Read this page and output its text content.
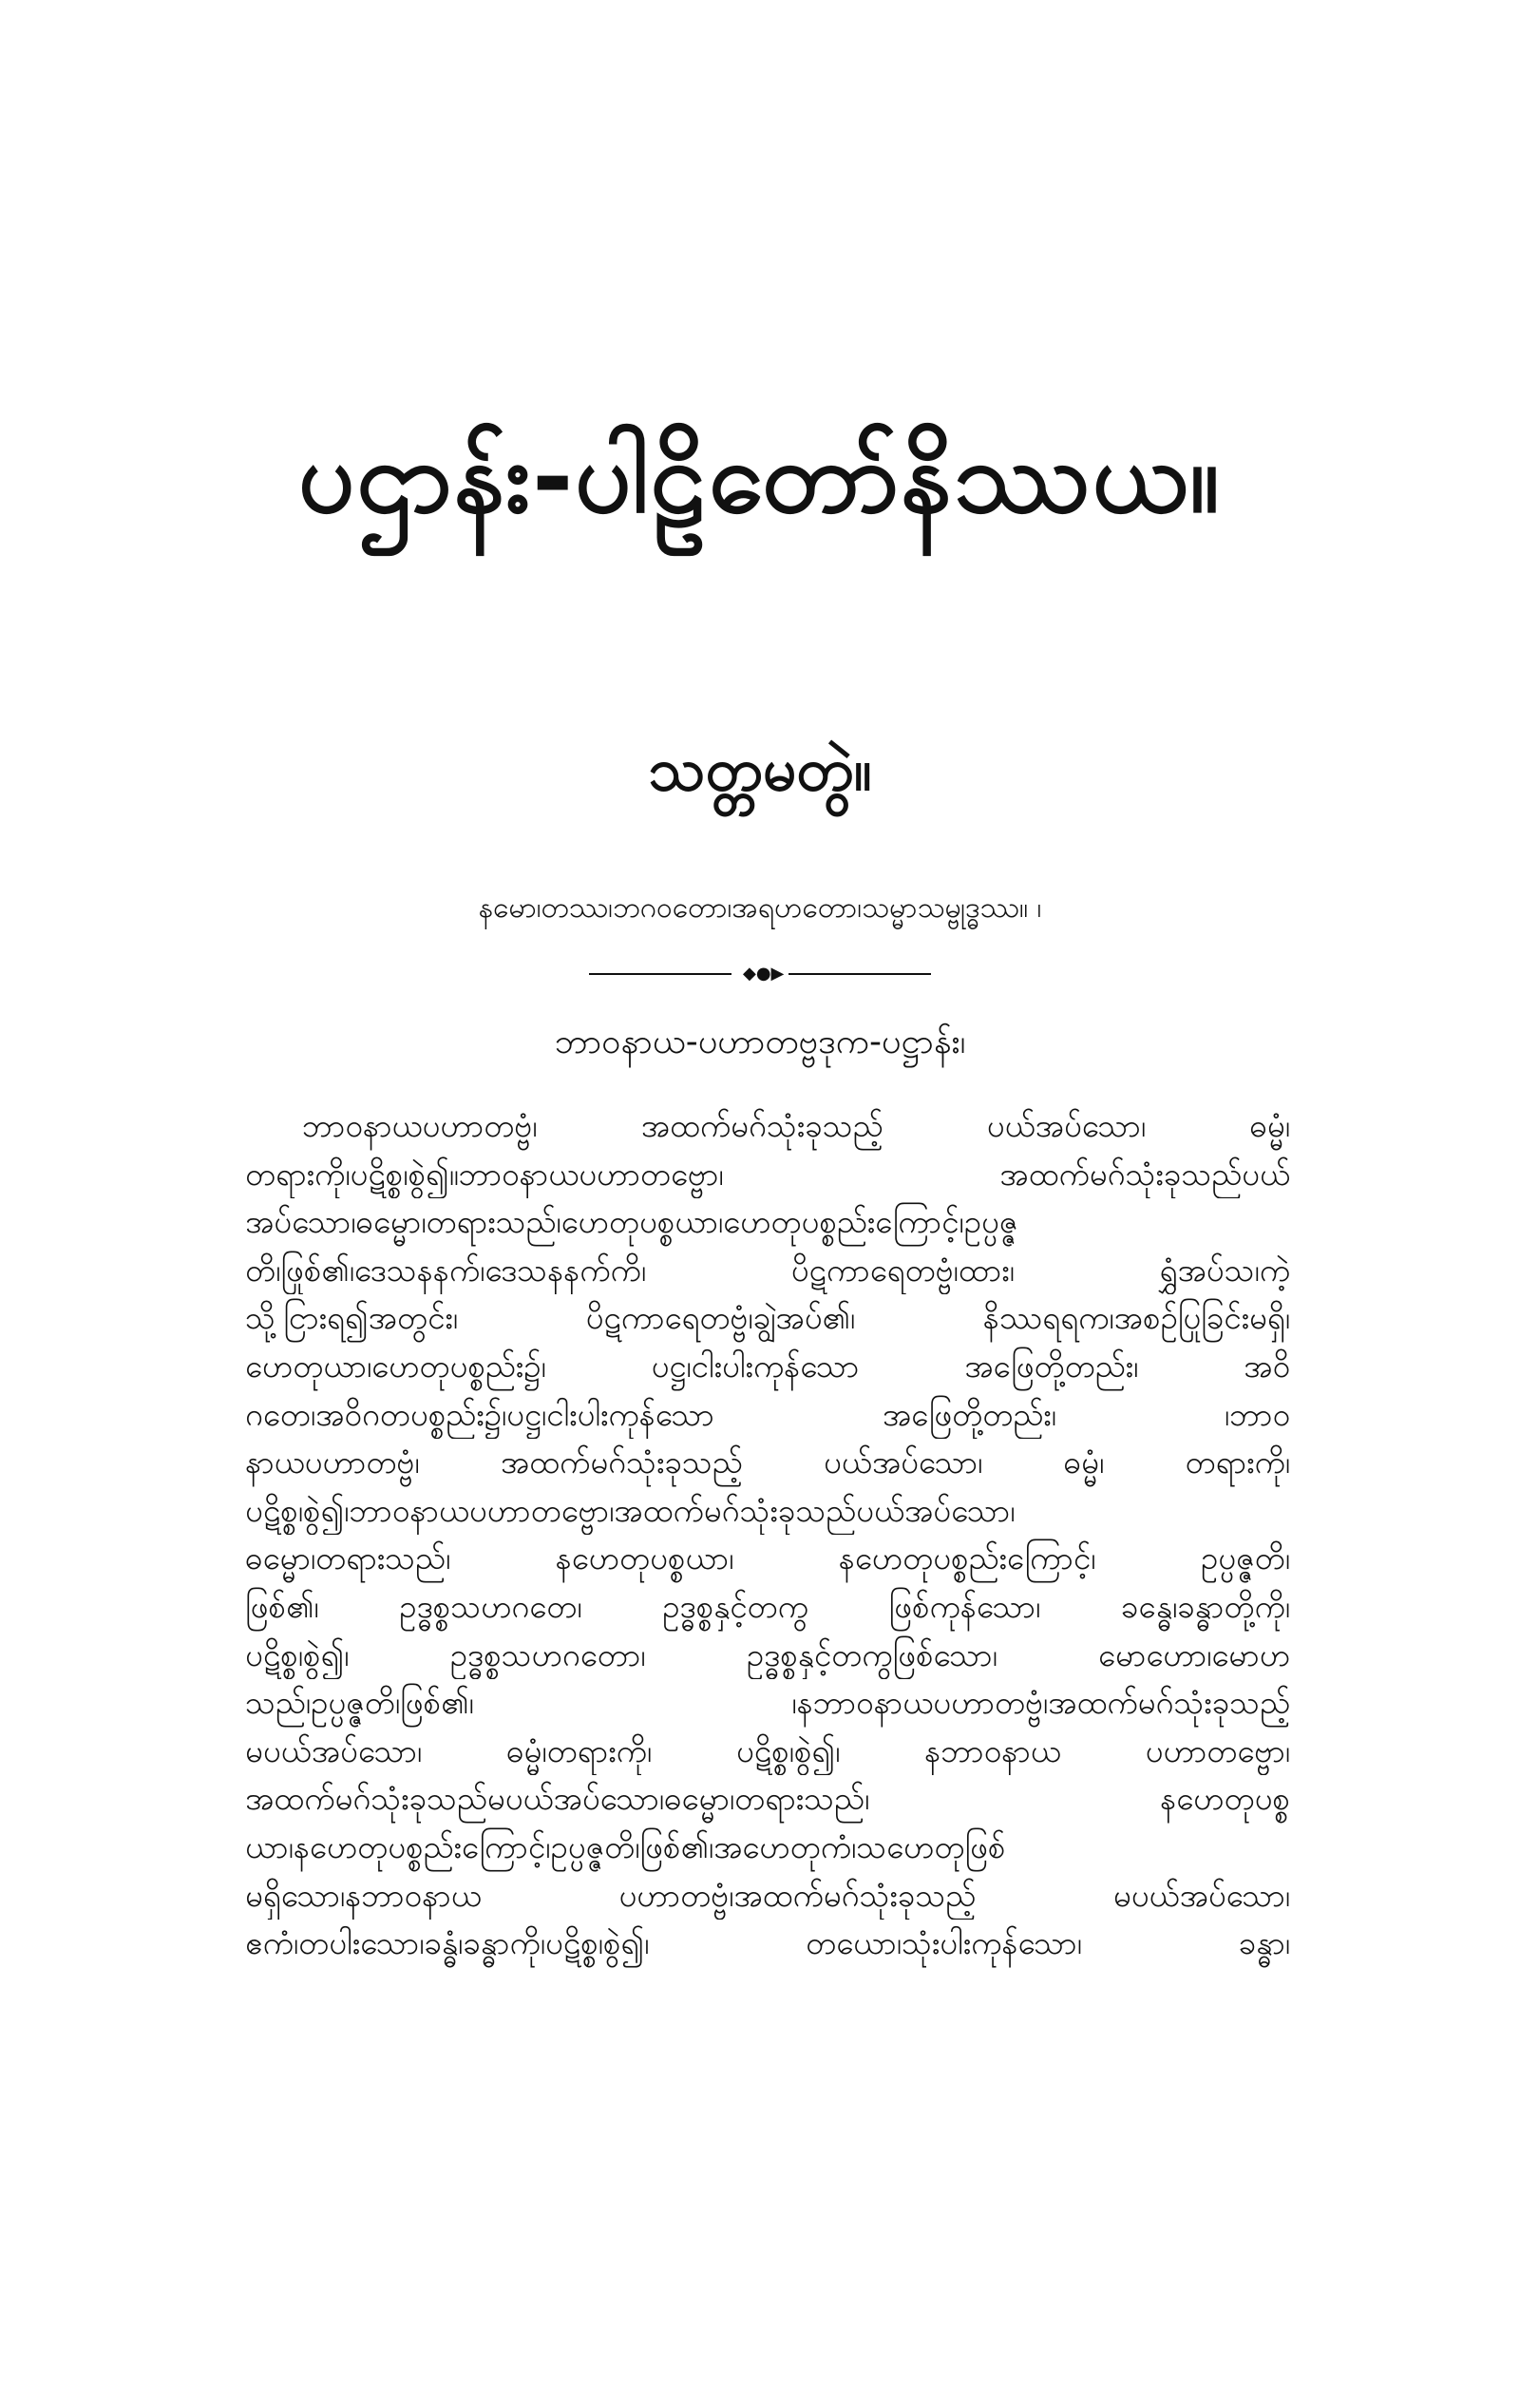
ပဌာန်း-ပါဠိတော်နိဿယ။
သတ္တမတွဲ။
နမော၊တဿ၊ဘဂဝတော၊အရဟတော၊သမ္မာသမ္ဗုဒ္ဓဿ။ ၊
◆●▶
ဘာဝနာယ-ပဟာတဗ္ဗဒုက-ပဋ္ဌာန်း၊
ဘာဝနာယပဟာတဗ္ဗံ၊ အထက်မဂ်သုံးခုသည့် ပယ်အပ်သော၊ ဓမ္မံ၊
တရားကို၊ပဋိစ္စ၊စွဲ၍။ဘာဝနာယပဟာတဗ္ဗော၊ အထက်မဂ်သုံးခုသည်ပယ်
အပ်သော၊ဓမ္မော၊တရားသည်၊ဟေတုပစ္စယာ၊ဟေတုပစ္စည်းကြောင့်၊ဥပ္ပဇ္ဇ
တိ၊ဖြစ်၏၊ဒေသနနက်၊ဒေသနနက်ကို၊ ပိဋကာရေတဗ္ဗံ၊ထား၊ ရွှံအပ်သ၊ကဲ့
သို့ငြားရ၍အတွင်း၊ ပိဋကာရေတဗ္ဗံ၊ချွဲအပ်၏၊ နိဿရရက၊အစဉ်ပြုခြင်းမရှိ၊
ဟေတုယာ၊ဟေတုပစ္စည်း၌၊ ပဋ္ဌ၊ငါးပါးကုန်သော အဖြေတို့တည်း၊ အဝိ
ဂတေ၊အဝိဂတပစ္စည်း၌၊ပဋ္ဌ၊ငါးပါးကုန်သော အဖြေတို့တည်း၊ ၊ဘာဝ
နာယပဟာတဗ္ဗံ၊ အထက်မဂ်သုံးခုသည့် ပယ်အပ်သော၊ ဓမ္မံ၊ တရားကို၊
ပဋိစ္စ၊စွဲ၍၊ဘာဝနာယပဟာတဗ္ဗော၊အထက်မဂ်သုံးခုသည်ပယ်အပ်သော၊
ဓမ္မော၊တရားသည်၊ နဟေတုပစ္စယာ၊ နဟေတုပစ္စည်းကြောင့်၊ ဥပ္ပဇ္ဇတိ၊
ဖြစ်၏၊ ဥဒ္ဓစ္စသဟဂတေ၊ ဥဒ္ဓစ္စနှင့်တကွ ဖြစ်ကုန်သော၊ ခန္ဓေ၊ခန္ဓာတို့ကို၊
ပဋိစ္စ၊စွဲ၍၊ ဥဒ္ဓစ္စသဟဂတော၊ ဥဒ္ဓစ္စနှင့်တကွဖြစ်သော၊ မောဟော၊မောဟ
သည်၊ဥပ္ပဇ္ဇတိ၊ဖြစ်၏၊ ၊နဘာဝနာယပဟာတဗ္ဗံ၊အထက်မဂ်သုံးခုသည့်
မပယ်အပ်သော၊ ဓမ္မံ၊တရားကို၊ ပဋိစ္စ၊စွဲ၍၊ နဘာဝနာယ ပဟာတဗ္ဗော၊
အထက်မဂ်သုံးခုသည်မပယ်အပ်သော၊ဓမ္မော၊တရားသည်၊ နဟေတုပစ္စ
ယာ၊နဟေတုပစ္စည်းကြောင့်၊ဥပ္ပဇ္ဇတိ၊ဖြစ်၏၊အဟေတုကံ၊သဟေတုဖြစ်
မရှိသော၊နဘာဝနာယ ပဟာတဗ္ဗံ၊အထက်မဂ်သုံးခုသည့် မပယ်အပ်သော၊
ဧကံ၊တပါးသော၊ခန္ဓံ၊ခန္ဓာကို၊ပဋိစ္စ၊စွဲ၍၊ တယော၊သုံးပါးကုန်သော၊ ခန္ဓာ၊
